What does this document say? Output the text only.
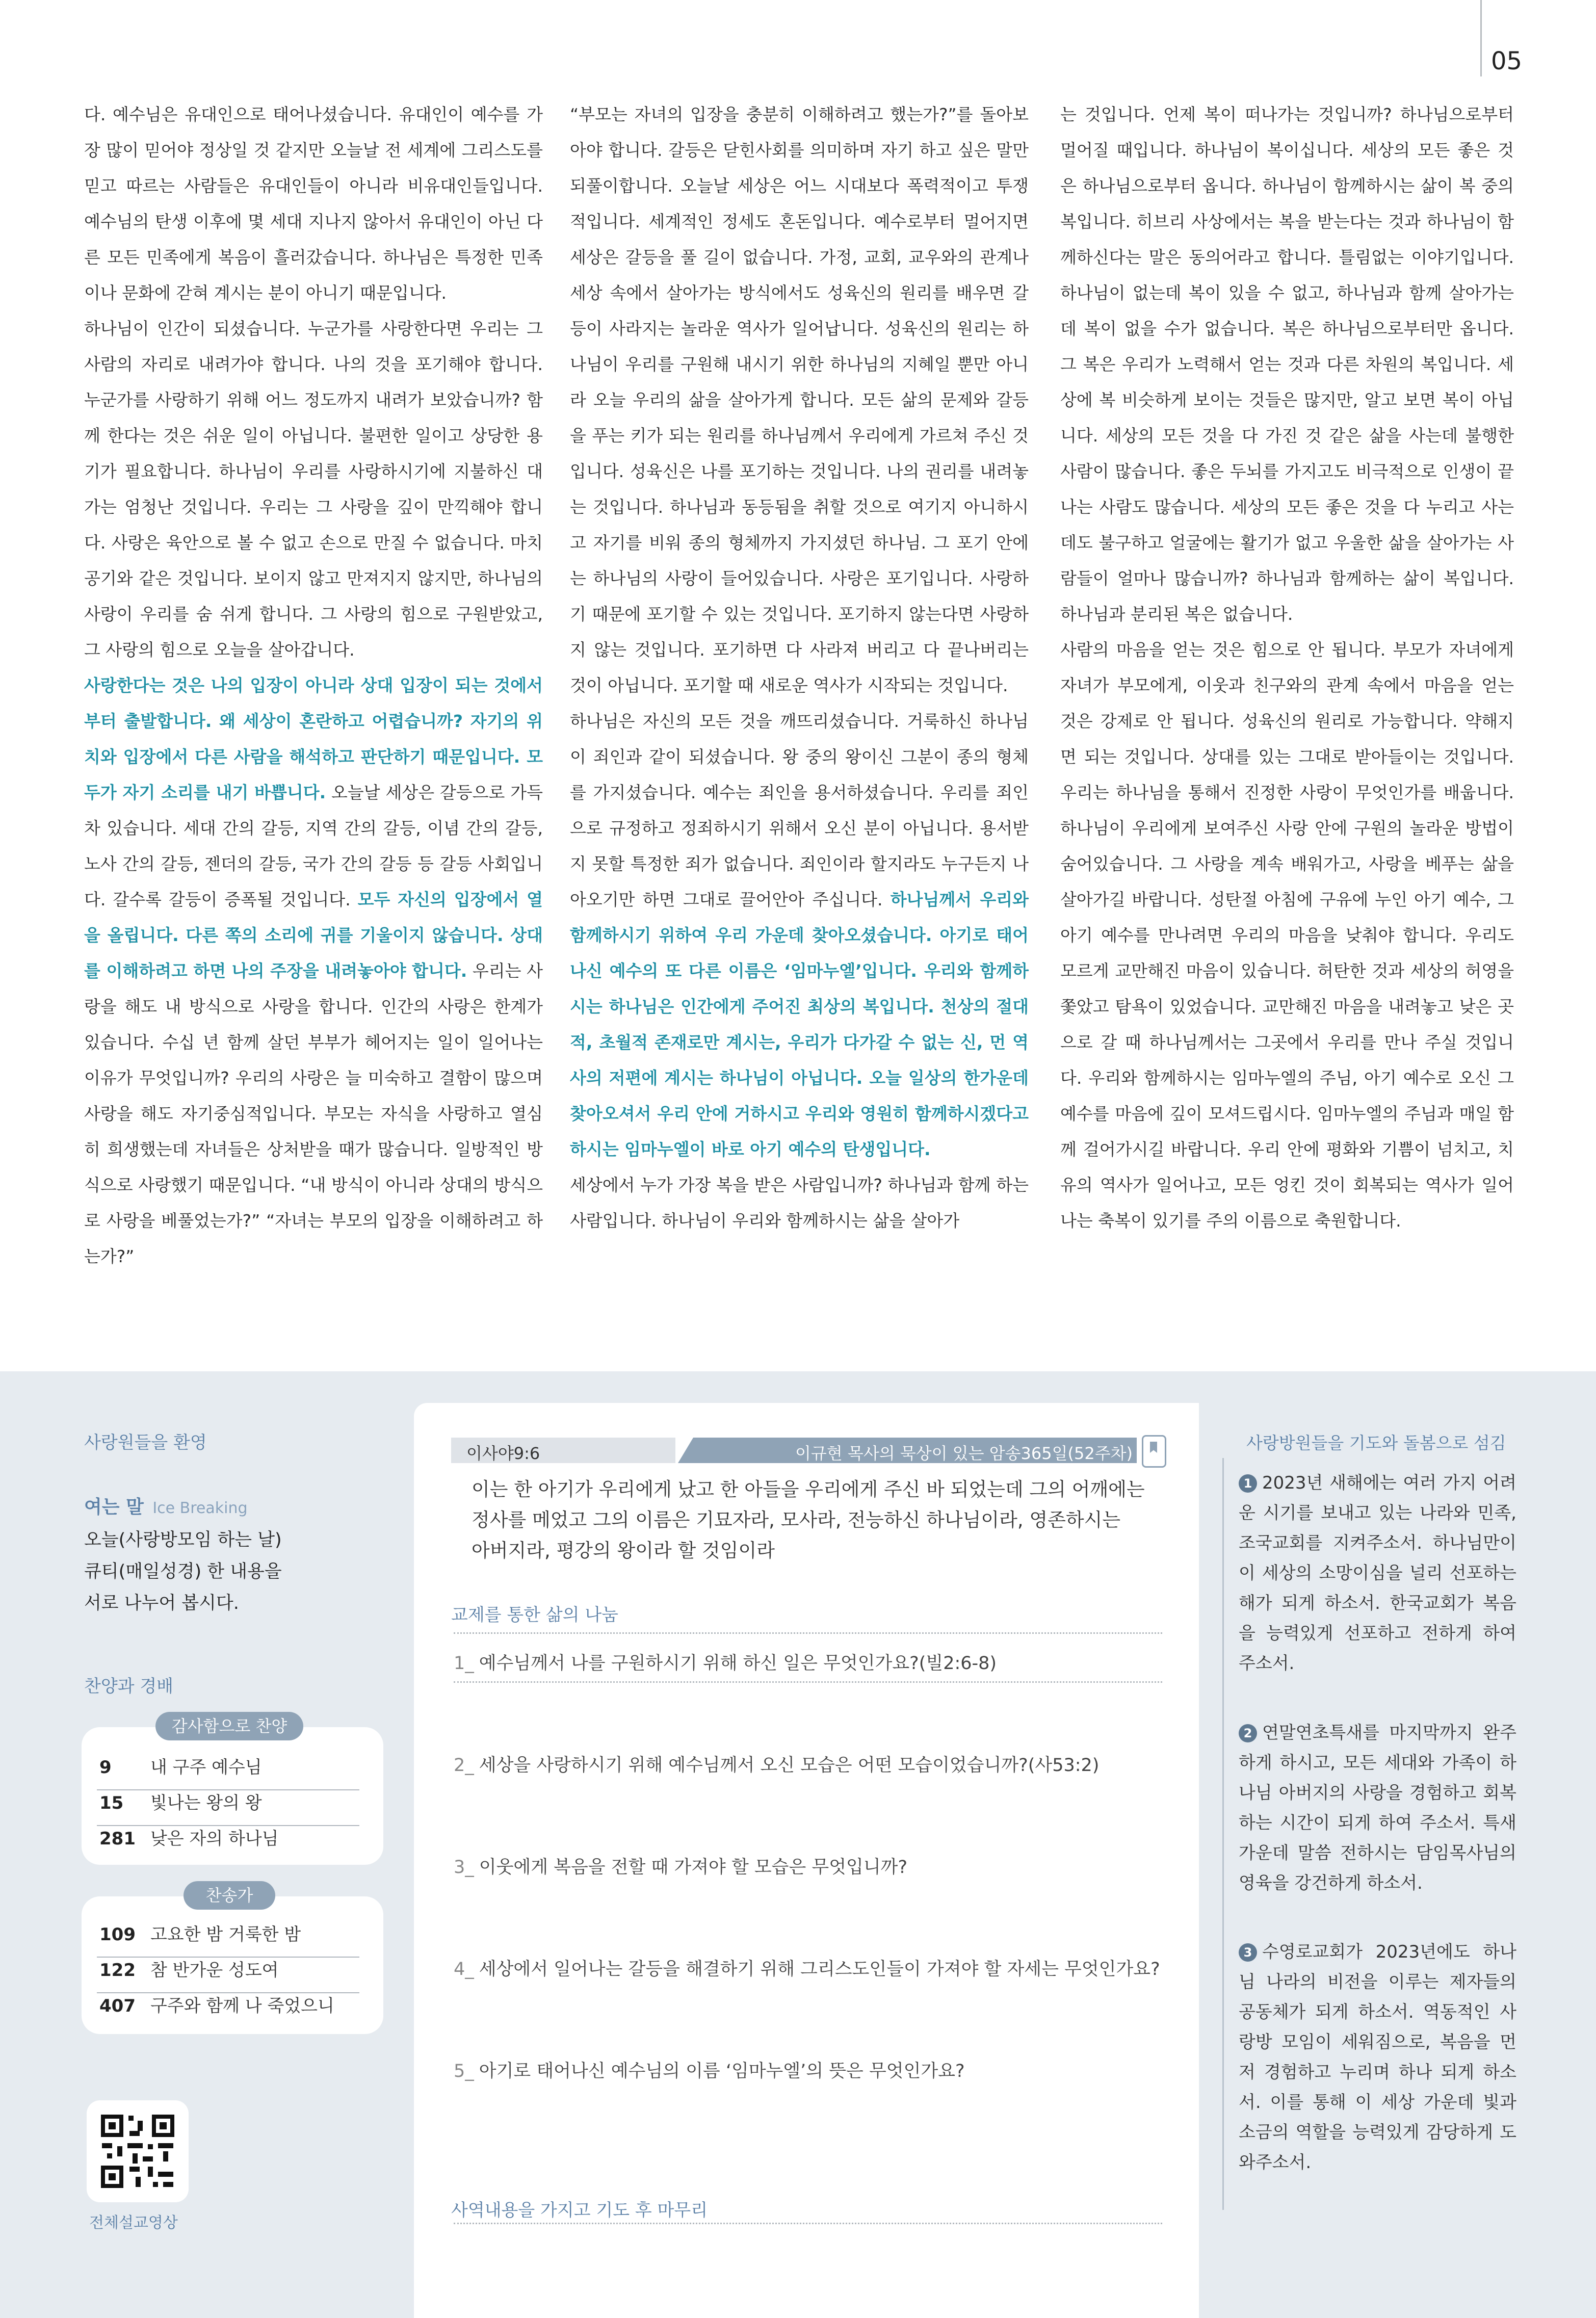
05

다. 예수님은 유대인으로 태어나셨습니다. 유대인이 예수를 가장 많이 믿어야 정상일 것 같지만 오늘날 전 세계에 그리스도를 믿고 따르는 사람들은 유대인들이 아니라 비유대인들입니다. 예수님의 탄생 이후에 몇 세대 지나지 않아서 유대인이 아닌 다른 모든 민족에게 복음이 흘러갔습니다. 하나님은 특정한 민족이나 문화에 갇혀 계시는 분이 아니기 때문입니다.

하나님이 인간이 되셨습니다. 누군가를 사랑한다면 우리는 그 사람의 자리로 내려가야 합니다. 나의 것을 포기해야 합니다. 누군가를 사랑하기 위해 어느 정도까지 내려가 보았습니까? 함께 한다는 것은 쉬운 일이 아닙니다. 불편한 일이고 상당한 용기가 필요합니다. 하나님이 우리를 사랑하시기에 지불하신 대가는 엄청난 것입니다. 우리는 그 사랑을 깊이 만끽해야 합니다. 사랑은 육안으로 볼 수 없고 손으로 만질 수 없습니다. 마치 공기와 같은 것입니다. 보이지 않고 만져지지 않지만, 하나님의 사랑이 우리를 숨 쉬게 합니다. 그 사랑의 힘으로 구원받았고, 그 사랑의 힘으로 오늘을 살아갑니다.

사랑한다는 것은 나의 입장이 아니라 상대 입장이 되는 것에서부터 출발합니다. 왜 세상이 혼란하고 어렵습니까? 자기의 위치와 입장에서 다른 사람을 해석하고 판단하기 때문입니다. 모두가 자기 소리를 내기 바쁩니다. 오늘날 세상은 갈등으로 가득 차 있습니다. 세대 간의 갈등, 지역 간의 갈등, 이념 간의 갈등, 노사 간의 갈등, 젠더의 갈등, 국가 간의 갈등 등 갈등 사회입니다. 갈수록 갈등이 증폭될 것입니다. 모두 자신의 입장에서 열을 올립니다. 다른 쪽의 소리에 귀를 기울이지 않습니다. 상대를 이해하려고 하면 나의 주장을 내려놓아야 합니다. 우리는 사랑을 해도 내 방식으로 사랑을 합니다. 인간의 사랑은 한계가 있습니다. 수십 년 함께 살던 부부가 헤어지는 일이 일어나는 이유가 무엇입니까? 우리의 사랑은 늘 미숙하고 결함이 많으며 사랑을 해도 자기중심적입니다. 부모는 자식을 사랑하고 열심히 희생했는데 자녀들은 상처받을 때가 많습니다. 일방적인 방식으로 사랑했기 때문입니다. “내 방식이 아니라 상대의 방식으로 사랑을 베풀었는가?” “자녀는 부모의 입장을 이해하려고 하는가?”

“부모는 자녀의 입장을 충분히 이해하려고 했는가?”를 돌아보아야 합니다. 갈등은 닫힌사회를 의미하며 자기 하고 싶은 말만 되풀이합니다. 오늘날 세상은 어느 시대보다 폭력적이고 투쟁적입니다. 세계적인 정세도 혼돈입니다. 예수로부터 멀어지면 세상은 갈등을 풀 길이 없습니다. 가정, 교회, 교우와의 관계나 세상 속에서 살아가는 방식에서도 성육신의 원리를 배우면 갈등이 사라지는 놀라운 역사가 일어납니다. 성육신의 원리는 하나님이 우리를 구원해 내시기 위한 하나님의 지혜일 뿐만 아니라 오늘 우리의 삶을 살아가게 합니다. 모든 삶의 문제와 갈등을 푸는 키가 되는 원리를 하나님께서 우리에게 가르쳐 주신 것입니다. 성육신은 나를 포기하는 것입니다. 나의 권리를 내려놓는 것입니다. 하나님과 동등됨을 취할 것으로 여기지 아니하시고 자기를 비워 종의 형체까지 가지셨던 하나님. 그 포기 안에는 하나님의 사랑이 들어있습니다. 사랑은 포기입니다. 사랑하기 때문에 포기할 수 있는 것입니다. 포기하지 않는다면 사랑하지 않는 것입니다. 포기하면 다 사라져 버리고 다 끝나버리는 것이 아닙니다. 포기할 때 새로운 역사가 시작되는 것입니다.

하나님은 자신의 모든 것을 깨뜨리셨습니다. 거룩하신 하나님이 죄인과 같이 되셨습니다. 왕 중의 왕이신 그분이 종의 형체를 가지셨습니다. 예수는 죄인을 용서하셨습니다. 우리를 죄인으로 규정하고 정죄하시기 위해서 오신 분이 아닙니다. 용서받지 못할 특정한 죄가 없습니다. 죄인이라 할지라도 누구든지 나아오기만 하면 그대로 끌어안아 주십니다. 하나님께서 우리와 함께하시기 위하여 우리 가운데 찾아오셨습니다. 아기로 태어나신 예수의 또 다른 이름은 ‘임마누엘’입니다. 우리와 함께하시는 하나님은 인간에게 주어진 최상의 복입니다. 천상의 절대적, 초월적 존재로만 계시는, 우리가 다가갈 수 없는 신, 먼 역사의 저편에 계시는 하나님이 아닙니다. 오늘 일상의 한가운데 찾아오셔서 우리 안에 거하시고 우리와 영원히 함께하시겠다고 하시는 임마누엘이 바로 아기 예수의 탄생입니다.

세상에서 누가 가장 복을 받은 사람입니까? 하나님과 함께 하는 사람입니다. 하나님이 우리와 함께하시는 삶을 살아가

는 것입니다. 언제 복이 떠나가는 것입니까? 하나님으로부터 멀어질 때입니다. 하나님이 복이십니다. 세상의 모든 좋은 것은 하나님으로부터 옵니다. 하나님이 함께하시는 삶이 복 중의 복입니다. 히브리 사상에서는 복을 받는다는 것과 하나님이 함께하신다는 말은 동의어라고 합니다. 틀림없는 이야기입니다. 하나님이 없는데 복이 있을 수 없고, 하나님과 함께 살아가는데 복이 없을 수가 없습니다. 복은 하나님으로부터만 옵니다. 그 복은 우리가 노력해서 얻는 것과 다른 차원의 복입니다. 세상에 복 비슷하게 보이는 것들은 많지만, 알고 보면 복이 아닙니다. 세상의 모든 것을 다 가진 것 같은 삶을 사는데 불행한 사람이 많습니다. 좋은 두뇌를 가지고도 비극적으로 인생이 끝나는 사람도 많습니다. 세상의 모든 좋은 것을 다 누리고 사는데도 불구하고 얼굴에는 활기가 없고 우울한 삶을 살아가는 사람들이 얼마나 많습니까? 하나님과 함께하는 삶이 복입니다. 하나님과 분리된 복은 없습니다.

사람의 마음을 얻는 것은 힘으로 안 됩니다. 부모가 자녀에게 자녀가 부모에게, 이웃과 친구와의 관계 속에서 마음을 얻는 것은 강제로 안 됩니다. 성육신의 원리로 가능합니다. 약해지면 되는 것입니다. 상대를 있는 그대로 받아들이는 것입니다. 우리는 하나님을 통해서 진정한 사랑이 무엇인가를 배웁니다. 하나님이 우리에게 보여주신 사랑 안에 구원의 놀라운 방법이 숨어있습니다. 그 사랑을 계속 배워가고, 사랑을 베푸는 삶을 살아가길 바랍니다. 성탄절 아침에 구유에 누인 아기 예수, 그 아기 예수를 만나려면 우리의 마음을 낮춰야 합니다. 우리도 모르게 교만해진 마음이 있습니다. 허탄한 것과 세상의 허영을 쫓았고 탐욕이 있었습니다. 교만해진 마음을 내려놓고 낮은 곳으로 갈 때 하나님께서는 그곳에서 우리를 만나 주실 것입니다. 우리와 함께하시는 임마누엘의 주님, 아기 예수로 오신 그 예수를 마음에 깊이 모셔드립시다. 임마누엘의 주님과 매일 함께 걸어가시길 바랍니다. 우리 안에 평화와 기쁨이 넘치고, 치유의 역사가 일어나고, 모든 엉킨 것이 회복되는 역사가 일어나는 축복이 있기를 주의 이름으로 축원합니다.

사랑원들을 환영
여는 말 Ice Breaking
오늘(사랑방모임 하는 날)
큐티(매일성경) 한 내용을
서로 나누어 봅시다.
찬양과 경배
감사함으로 찬양
9 내 구주 예수님
15 빛나는 왕의 왕
281 낮은 자의 하나님
찬송가
109 고요한 밤 거룩한 밤
122 참 반가운 성도여
407 구주와 함께 나 죽었으니
전체설교영상
이사야9:6	이규현 목사의 묵상이 있는 암송365일(52주차)
이는 한 아기가 우리에게 났고 한 아들을 우리에게 주신 바 되었는데 그의 어깨에는
정사를 메었고 그의 이름은 기묘자라, 모사라, 전능하신 하나님이라, 영존하시는
아버지라, 평강의 왕이라 할 것임이라
교제를 통한 삶의 나눔
1_ 예수님께서 나를 구원하시기 위해 하신 일은 무엇인가요?(빌2:6-8)
2_ 세상을 사랑하시기 위해 예수님께서 오신 모습은 어떤 모습이었습니까?(사53:2)
3_ 이웃에게 복음을 전할 때 가져야 할 모습은 무엇입니까?
4_ 세상에서 일어나는 갈등을 해결하기 위해 그리스도인들이 가져야 할 자세는 무엇인가요?
5_ 아기로 태어나신 예수님의 이름 ‘임마누엘’의 뜻은 무엇인가요?
사역내용을 가지고 기도 후 마무리
사랑방원들을 기도와 돌봄으로 섬김
1 2023년 새해에는 여러 가지 어려운 시기를 보내고 있는 나라와 민족, 조국교회를 지켜주소서. 하나님만이 이 세상의 소망이심을 널리 선포하는 해가 되게 하소서. 한국교회가 복음을 능력있게 선포하고 전하게 하여 주소서.
2 연말연초특새를 마지막까지 완주하게 하시고, 모든 세대와 가족이 하나님 아버지의 사랑을 경험하고 회복하는 시간이 되게 하여 주소서. 특새 가운데 말씀 전하시는 담임목사님의 영육을 강건하게 하소서.
3 수영로교회가 2023년에도 하나님 나라의 비전을 이루는 제자들의 공동체가 되게 하소서. 역동적인 사랑방 모임이 세워짐으로, 복음을 먼저 경험하고 누리며 하나 되게 하소서. 이를 통해 이 세상 가운데 빛과 소금의 역할을 능력있게 감당하게 도와주소서.
